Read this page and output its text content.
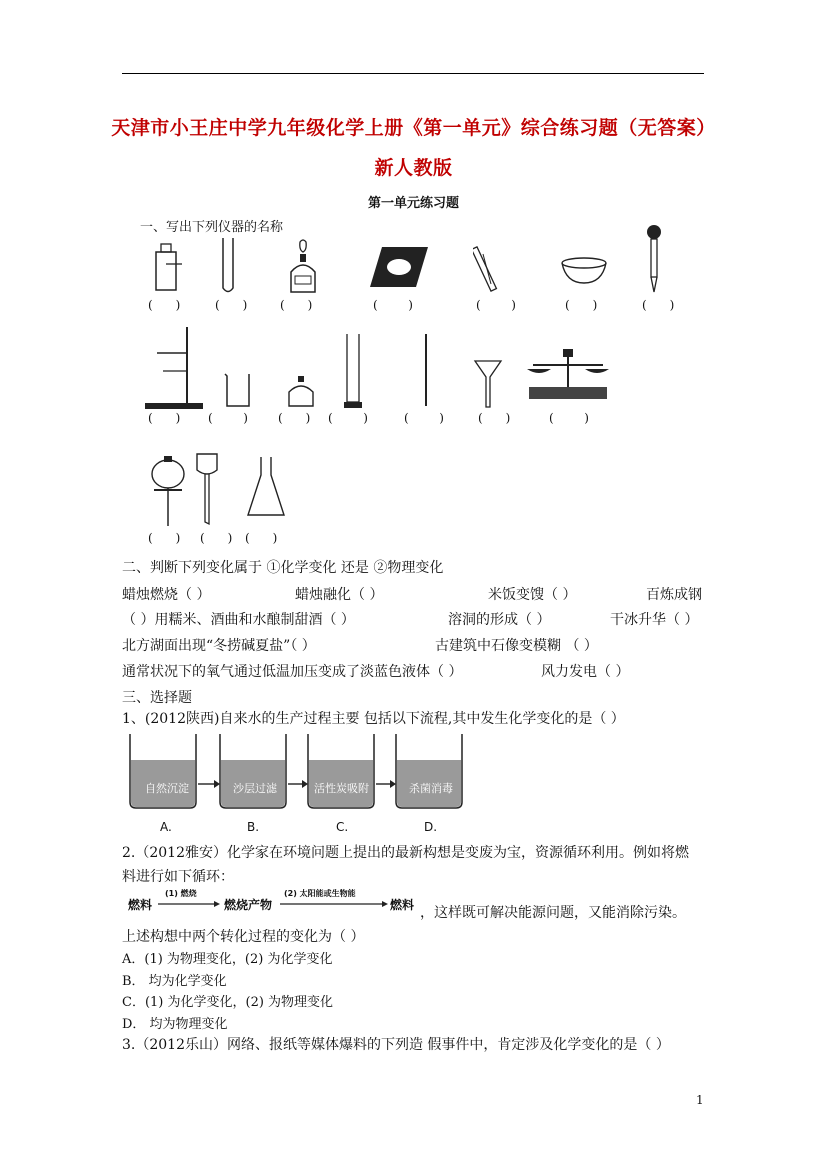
天津市小王庄中学九年级化学上册《第一单元》综合练习题（无答案）
新人教版
第一单元练习题
一、写出下列仪器的名称
(      )	(      )	(      )	(        )	(        )	(      )	(      )
(      ) (        )	(      ) (        )	(        )	(      )	(        )
(      ) (      ) (      )
二、判断下列变化属于 ①化学变化 还是 ②物理变化
蜡烛燃烧（ ）	蜡烛融化（ ）	米饭变馊（ ）	百炼成钢
（ ）用糯米、酒曲和水酿制甜酒（ ）	溶洞的形成（ ）	干冰升华（ ）
北方湖面出现“冬捞碱夏盐”（ ）	古建筑中石像变模糊 （ ）
通常状况下的氧气通过低温加压变成了淡蓝色液体（ ）	风力发电（ ）
三、选择题
1、(2012陕西)自来水的生产过程主要 包括以下流程,其中发生化学变化的是（ ）
自然沉淀	沙层过滤	活性炭吸附	杀菌消毒
A.	B.	C.	D.
2.（2012雅安）化学家在环境问题上提出的最新构想是变废为宝，资源循环利用。例如将燃
料进行如下循环：
燃料
(1) 燃烧
燃烧产物
(2) 太阳能或生物能
燃料 ，这样既可解决能源问题，又能消除污染。
上述构想中两个转化过程的变化为（ ）
A．(1) 为物理变化，(2) 为化学变化
B． 均为化学变化
C．(1) 为化学变化，(2) 为物理变化
D． 均为物理变化
3.（2012乐山）网络、报纸等媒体爆料的下列造 假事件中，肯定涉及化学变化的是（ ）
1
